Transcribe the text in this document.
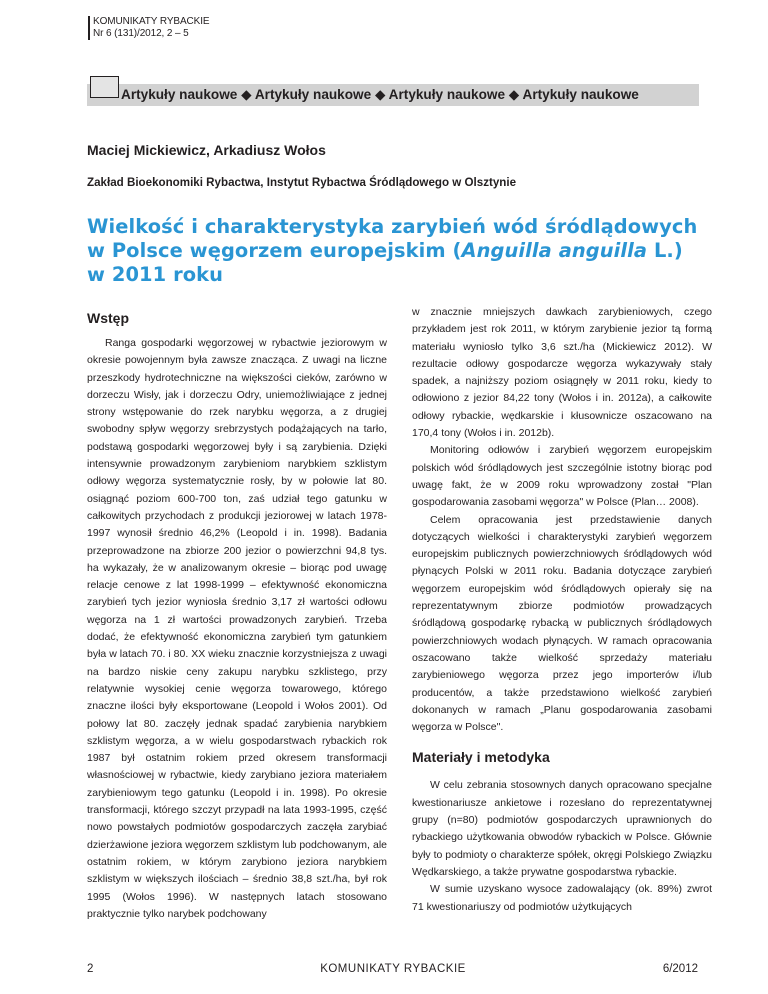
KOMUNIKATY RYBACKIE
Nr 6 (131)/2012, 2 – 5
Artykuły naukowe ◆ Artykuły naukowe ◆ Artykuły naukowe ◆ Artykuły naukowe
Maciej Mickiewicz, Arkadiusz Wołos
Zakład Bioekonomiki Rybactwa, Instytut Rybactwa Śródlądowego w Olsztynie
Wielkość i charakterystyka zarybień wód śródlądowych
w Polsce węgorzem europejskim (Anguilla anguilla L.)
w 2011 roku
Wstęp

Ranga gospodarki węgorzowej w rybactwie jeziorowym w okresie powojennym była zawsze znacząca. Z uwagi na liczne przeszkody hydrotechniczne na większości cieków, zarówno w dorzeczu Wisły, jak i dorzeczu Odry, uniemożliwiające z jednej strony wstępowanie do rzek narybku węgorza, a z drugiej swobodny spływ węgorzy srebrzystych podążających na tarło, podstawą gospodarki węgorzowej były i są zarybienia. Dzięki intensywnie prowadzonym zarybieniom narybkiem szklistym odłowy węgorza systematycznie rosły, by w połowie lat 80. osiągnąć poziom 600-700 ton, zaś udział tego gatunku w całkowitych przychodach z produkcji jeziorowej w latach 1978-1997 wynosił średnio 46,2% (Leopold i in. 1998). Badania przeprowadzone na zbiorze 200 jezior o powierzchni 94,8 tys. ha wykazały, że w analizowanym okresie – biorąc pod uwagę relacje cenowe z lat 1998-1999 – efektywność ekonomiczna zarybień tych jezior wyniosła średnio 3,17 zł wartości odłowu węgorza na 1 zł wartości prowadzonych zarybień. Trzeba dodać, że efektywność ekonomiczna zarybień tym gatunkiem była w latach 70. i 80. XX wieku znacznie korzystniejsza z uwagi na bardzo niskie ceny zakupu narybku szklistego, przy relatywnie wysokiej cenie węgorza towarowego, którego znaczne ilości były eksportowane (Leopold i Wołos 2001). Od połowy lat 80. zaczęły jednak spadać zarybienia narybkiem szklistym węgorza, a w wielu gospodarstwach rybackich rok 1987 był ostatnim rokiem przed okresem transformacji własnościowej w rybactwie, kiedy zarybiano jeziora materiałem zarybieniowym tego gatunku (Leopold i in. 1998). Po okresie transformacji, którego szczyt przypadł na lata 1993-1995, część nowo powstałych podmiotów gospodarczych zaczęła zarybiać dzierżawione jeziora węgorzem szklistym lub podchowanym, ale ostatnim rokiem, w którym zarybiono jeziora narybkiem szklistym w większych ilościach – średnio 38,8 szt./ha, był rok 1995 (Wołos 1996). W następnych latach stosowano praktycznie tylko narybek podchowany

w znacznie mniejszych dawkach zarybieniowych, czego przykładem jest rok 2011, w którym zarybienie jezior tą formą materiału wyniosło tylko 3,6 szt./ha (Mickiewicz 2012). W rezultacie odłowy gospodarcze węgorza wykazywały stały spadek, a najniższy poziom osiągnęły w 2011 roku, kiedy to odłowiono z jezior 84,22 tony (Wołos i in. 2012a), a całkowite odłowy rybackie, wędkarskie i kłusownicze oszacowano na 170,4 tony (Wołos i in. 2012b).

Monitoring odłowów i zarybień węgorzem europejskim polskich wód śródlądowych jest szczególnie istotny biorąc pod uwagę fakt, że w 2009 roku wprowadzony został "Plan gospodarowania zasobami węgorza" w Polsce (Plan… 2008).

Celem opracowania jest przedstawienie danych dotyczących wielkości i charakterystyki zarybień węgorzem europejskim publicznych powierzchniowych śródlądowych wód płynących Polski w 2011 roku. Badania dotyczące zarybień węgorzem europejskim wód śródlądowych opierały się na reprezentatywnym zbiorze podmiotów prowadzących śródlądową gospodarkę rybacką w publicznych śródlądowych powierzchniowych wodach płynących. W ramach opracowania oszacowano także wielkość sprzedaży materiału zarybieniowego węgorza przez jego importerów i/lub producentów, a także przedstawiono wielkość zarybień dokonanych w ramach „Planu gospodarowania zasobami węgorza w Polsce".

Materiały i metodyka

W celu zebrania stosownych danych opracowano specjalne kwestionariusze ankietowe i rozesłano do reprezentatywnej grupy (n=80) podmiotów gospodarczych uprawnionych do rybackiego użytkowania obwodów rybackich w Polsce. Głównie były to podmioty o charakterze spółek, okręgi Polskiego Związku Wędkarskiego, a także prywatne gospodarstwa rybackie.

W sumie uzyskano wysoce zadowalający (ok. 89%) zwrot 71 kwestionariuszy od podmiotów użytkujących

2	KOMUNIKATY RYBACKIE	6/2012
